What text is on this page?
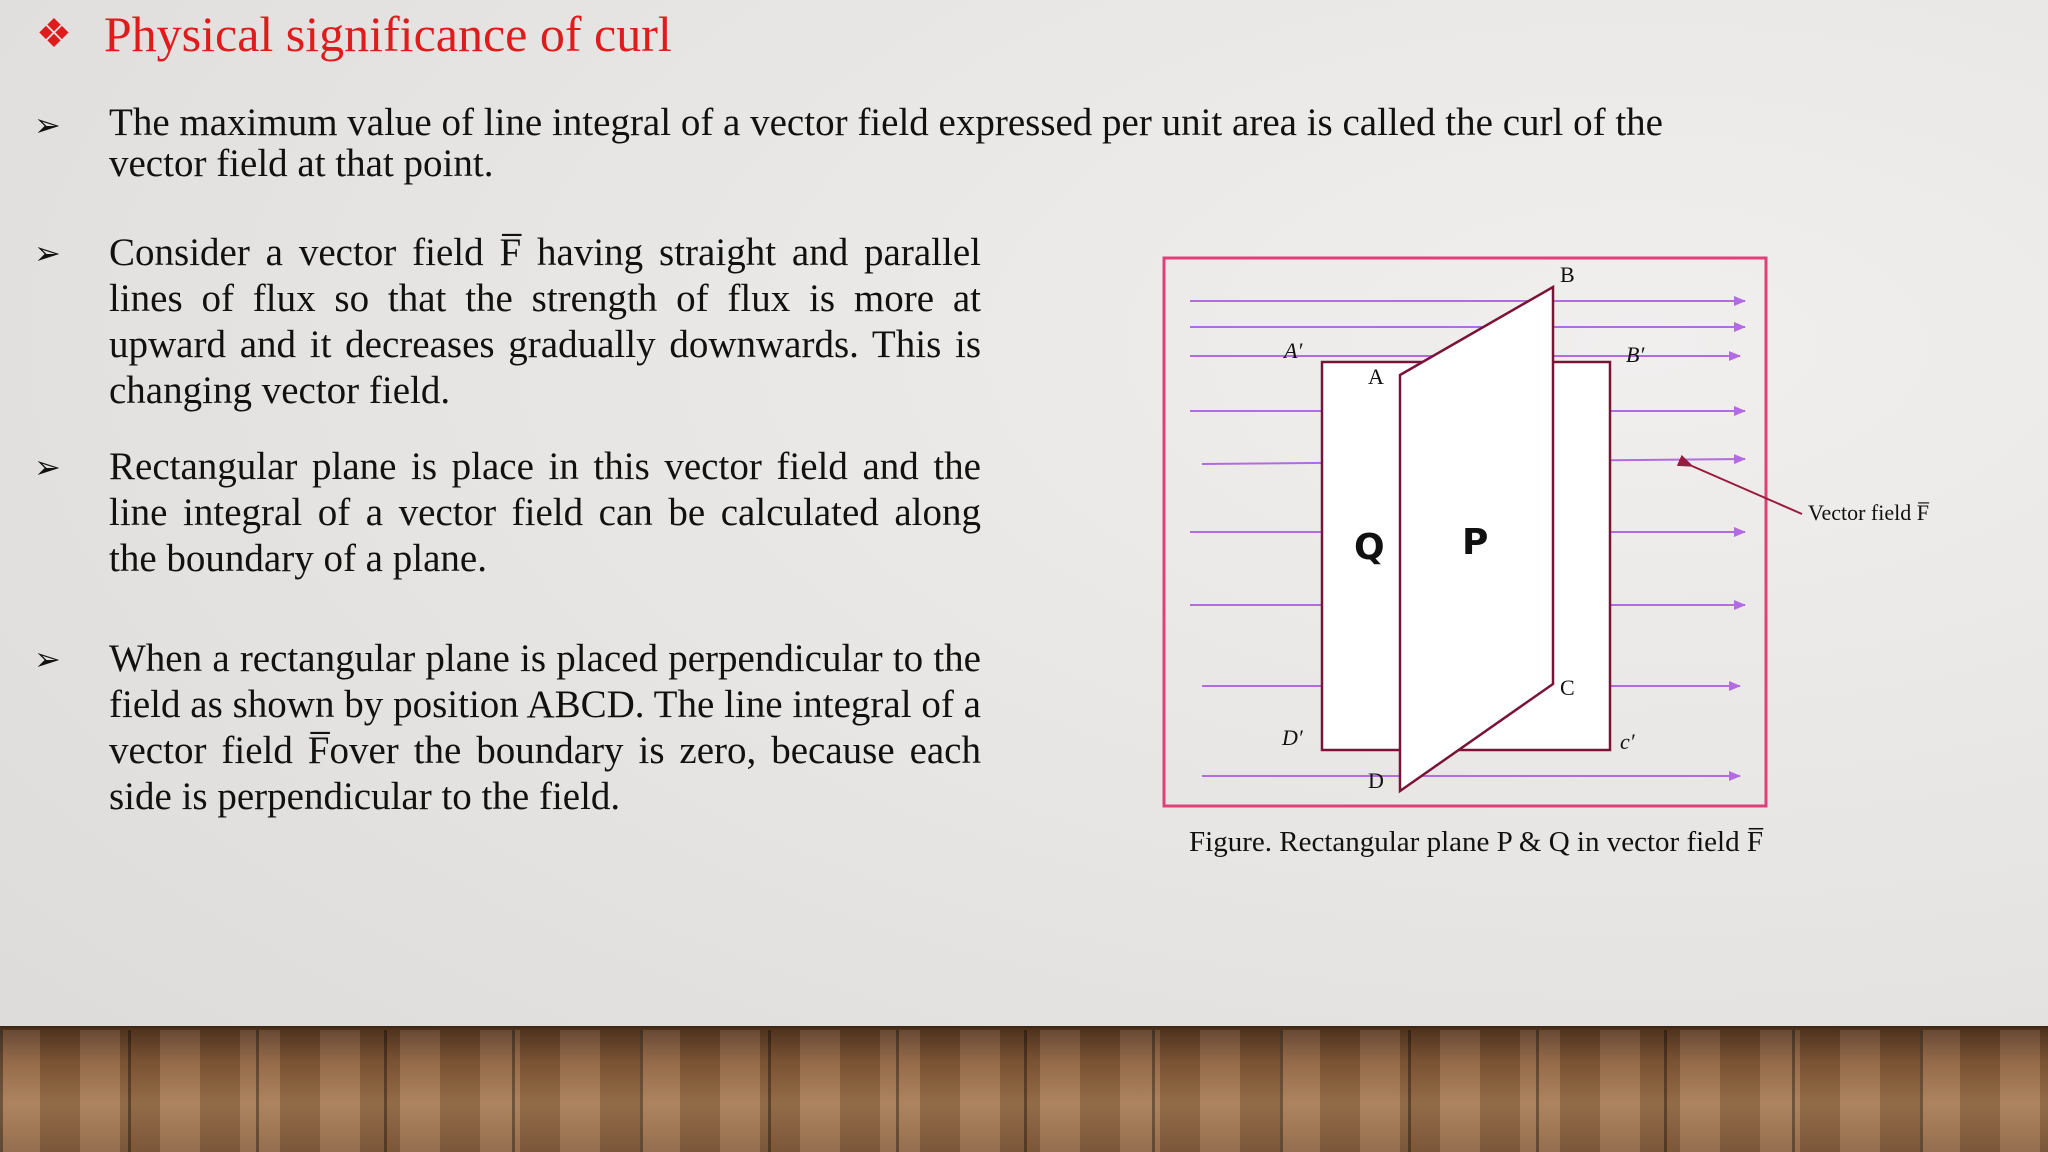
❖ Physical significance of curl
➢ The maximum value of line integral of a vector field expressed per unit area is called the curl of the vector field at that point.
➢ Consider a vector field F̅ having straight and parallel lines of flux so that the strength of flux is more at upward and it decreases gradually downwards. This is changing vector field.
➢ Rectangular plane is place in this vector field and the line integral of a vector field can be calculated along the boundary of a plane.
➢ When a rectangular plane is placed perpendicular to the field as shown by position ABCD. The line integral of a vector field F̅over the boundary is zero, because each side is perpendicular to the field.
B
A′
A
B′
C
D′	c′
D
Vector field F̅
Q P
Figure. Rectangular plane P & Q in vector field F̅
